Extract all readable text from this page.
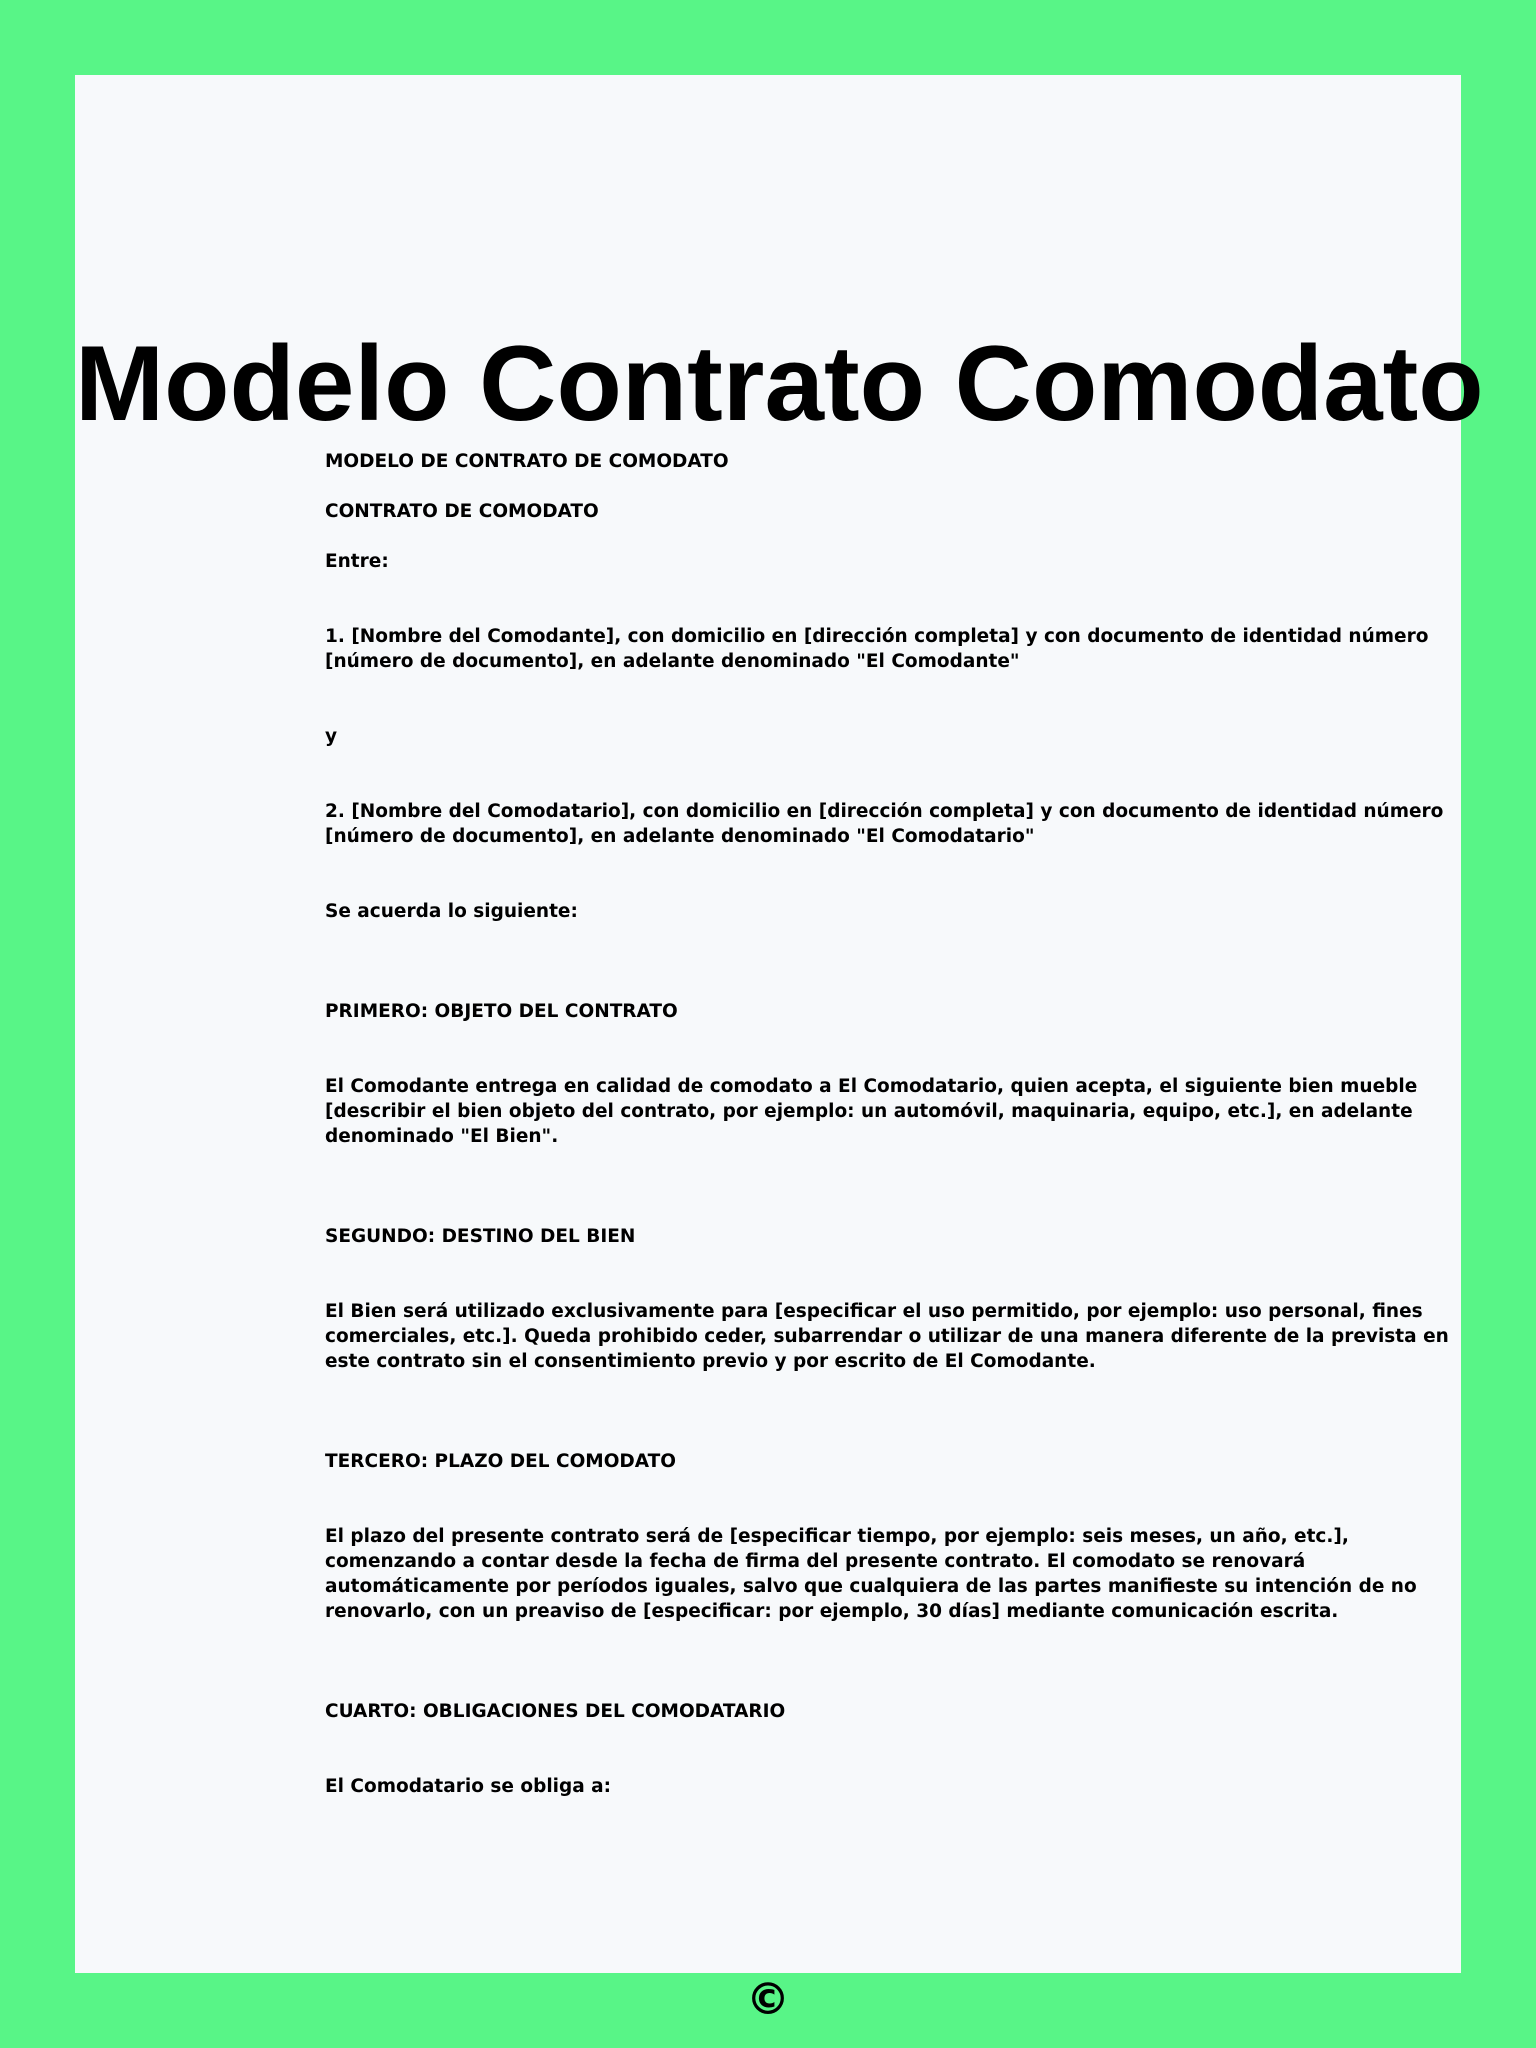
Modelo Contrato Comodato

MODELO DE CONTRATO DE COMODATO

CONTRATO DE COMODATO

Entre:

1. [Nombre del Comodante], con domicilio en [dirección completa] y con documento de identidad número

[número de documento], en adelante denominado "El Comodante"

y

2. [Nombre del Comodatario], con domicilio en [dirección completa] y con documento de identidad número

[número de documento], en adelante denominado "El Comodatario"

Se acuerda lo siguiente:

PRIMERO: OBJETO DEL CONTRATO

El Comodante entrega en calidad de comodato a El Comodatario, quien acepta, el siguiente bien mueble

[describir el bien objeto del contrato, por ejemplo: un automóvil, maquinaria, equipo, etc.], en adelante

denominado "El Bien".

SEGUNDO: DESTINO DEL BIEN

El Bien será utilizado exclusivamente para [especificar el uso permitido, por ejemplo: uso personal, fines

comerciales, etc.]. Queda prohibido ceder, subarrendar o utilizar de una manera diferente de la prevista en

este contrato sin el consentimiento previo y por escrito de El Comodante.

TERCERO: PLAZO DEL COMODATO

El plazo del presente contrato será de [especificar tiempo, por ejemplo: seis meses, un año, etc.],

comenzando a contar desde la fecha de firma del presente contrato. El comodato se renovará

automáticamente por períodos iguales, salvo que cualquiera de las partes manifieste su intención de no

renovarlo, con un preaviso de [especificar: por ejemplo, 30 días] mediante comunicación escrita.

CUARTO: OBLIGACIONES DEL COMODATARIO

El Comodatario se obliga a:

©
